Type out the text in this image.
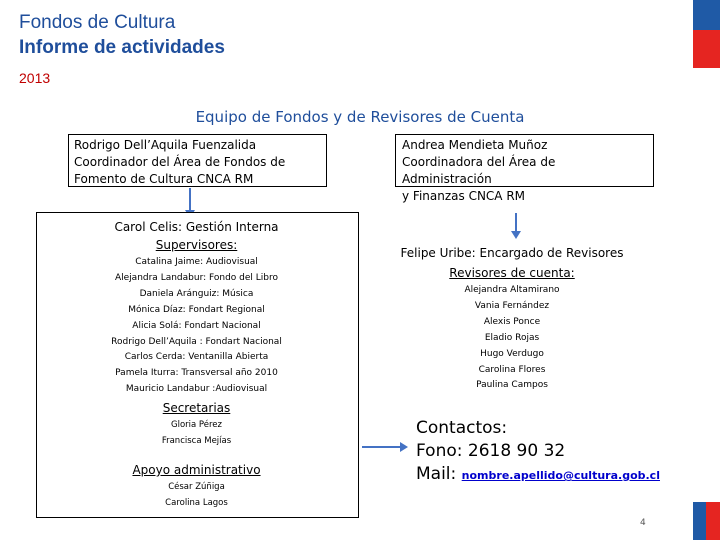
Fondos de Cultura
Informe de actividades
2013
Equipo de Fondos y de Revisores de Cuenta
Rodrigo Dell’Aquila Fuenzalida
Coordinador del Área de Fondos de
Fomento de Cultura CNCA RM
Andrea Mendieta Muñoz
Coordinadora del Área de Administración
y Finanzas CNCA RM
Carol Celis: Gestión Interna
Supervisores:
Catalina Jaime: Audiovisual
Alejandra Landabur: Fondo del Libro
Daniela Aránguiz: Música
Mónica Díaz: Fondart Regional
Alicia Solá: Fondart Nacional
Rodrigo Dell’Aquila : Fondart Nacional
Carlos Cerda: Ventanilla Abierta
Pamela Iturra: Transversal año 2010
Mauricio Landabur :Audiovisual
Secretarias
Gloria Pérez
Francisca Mejías
Apoyo administrativo
César Zúñiga
Carolina Lagos
Felipe Uribe: Encargado de Revisores
Revisores de cuenta:
Alejandra Altamirano
Vania Fernández
Alexis Ponce
Eladio Rojas
Hugo Verdugo
Carolina Flores
Paulina Campos
Contactos:
Fono: 2618 90 32
Mail: nombre.apellido@cultura.gob.cl
4
